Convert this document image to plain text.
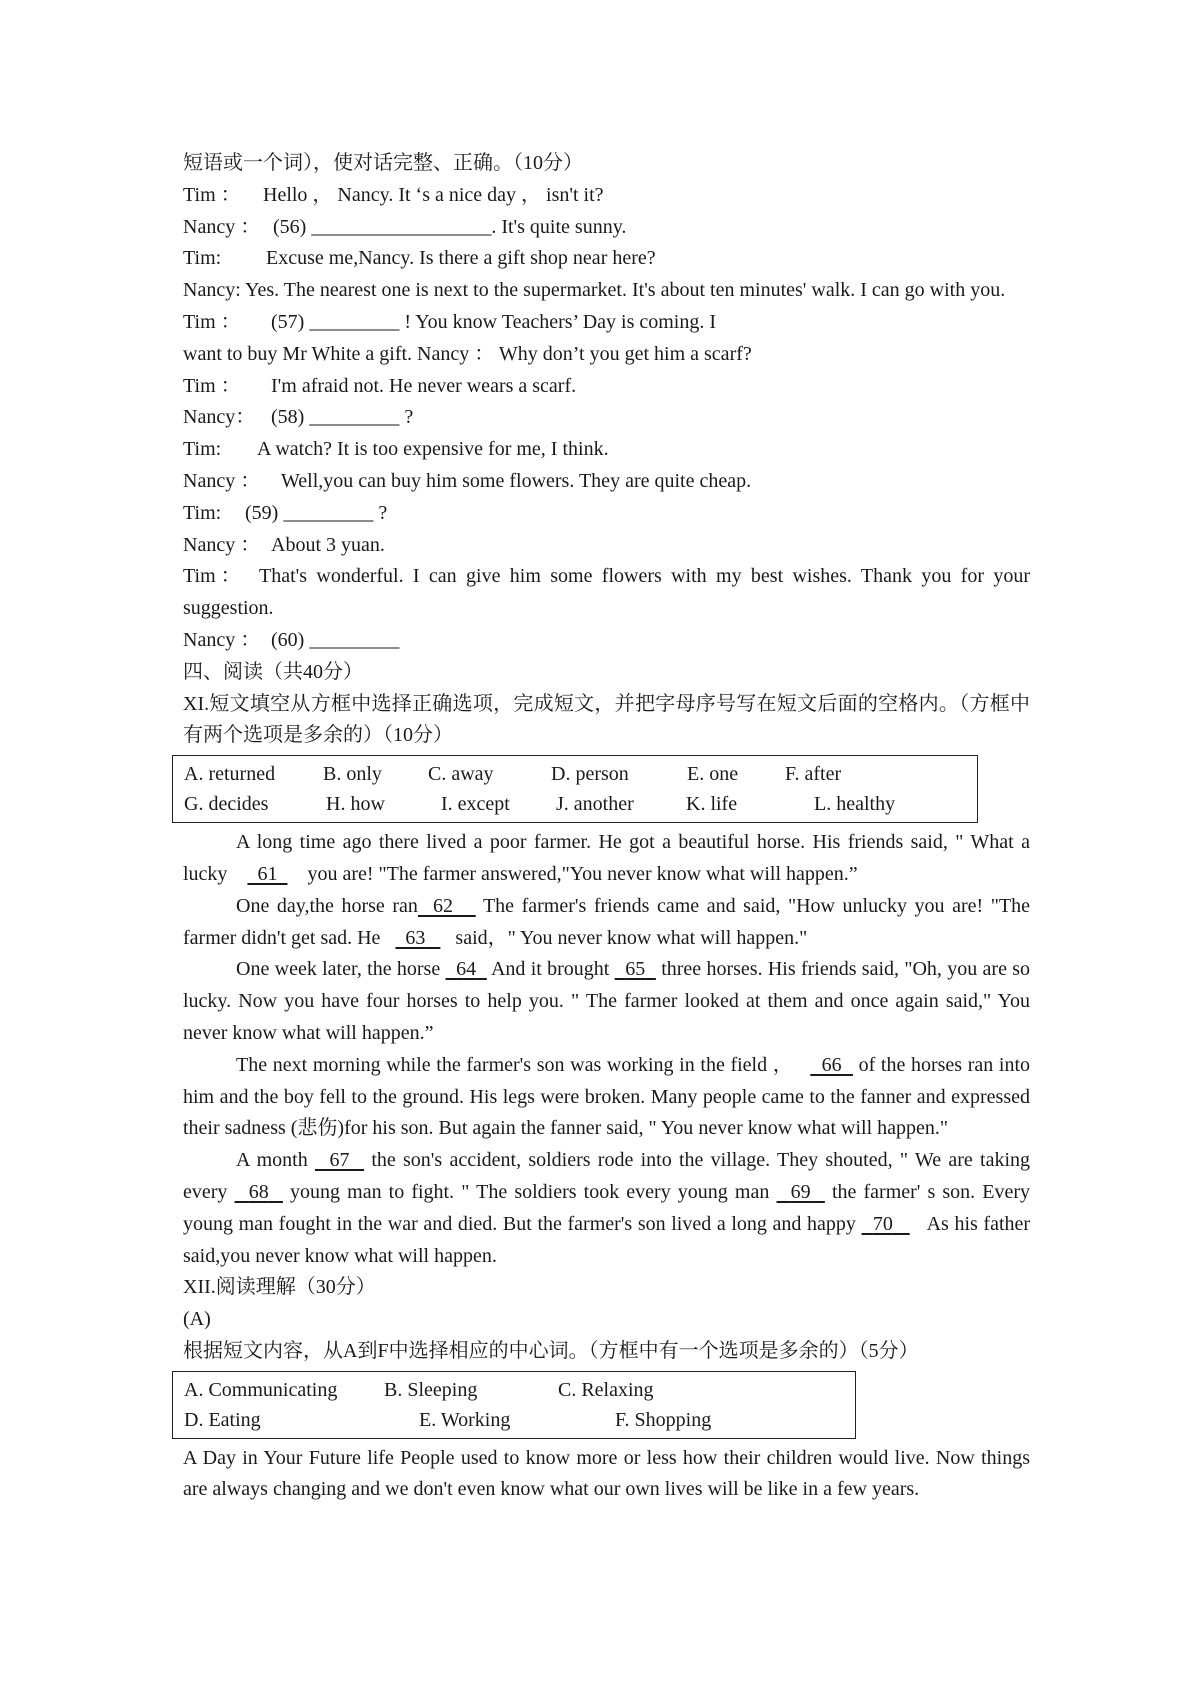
短语或一个词），使对话完整、正确。（10分）
Tim ： Hello ， Nancy. It ‘s a nice day ， isn't it?
Nancy ： (56) __________________. It's quite sunny.
Tim: Excuse me,Nancy. Is there a gift shop near here?
Nancy: Yes. The nearest one is next to the supermarket. It's about ten minutes' walk. I can go with you.
Tim ： (57) _________ ! You know Teachers’ Day is coming. I
want to buy Mr White a gift. Nancy ： Why don’t you get him a scarf?
Tim ： I'm afraid not. He never wears a scarf.
Nancy： (58) _________ ?
Tim: A watch? It is too expensive for me, I think.
Nancy ： Well,you can buy him some flowers. They are quite cheap.
Tim: (59) _________ ?
Nancy ： About 3 yuan.
Tim ： That's wonderful. I can give him some flowers with my best wishes. Thank you for your suggestion.
Nancy ： (60) _________
四、阅读（共40分）
XI.短文填空从方框中选择正确选项，完成短文，并把字母序号写在短文后面的空格内。（方框中有两个选项是多余的）（10分）
A. returned	B. only	C. away	D. person	E. one	F. after
G. decides	H. how	I. except	J. another	K. life	L. healthy
A long time ago there lived a poor farmer. He got a beautiful horse. His friends said, " What a lucky 61 you are! "The farmer answered,"You never know what will happen.”
One day,the horse ran 62 The farmer's friends came and said, "How unlucky you are! "The farmer didn't get sad. He 63 said，" You never know what will happen."
One week later, the horse 64 And it brought 65 three horses. His friends said, "Oh, you are so lucky. Now you have four horses to help you. " The farmer looked at them and once again said," You never know what will happen.”
The next morning while the farmer's son was working in the field ， 66 of the horses ran into him and the boy fell to the ground. His legs were broken. Many people came to the fanner and expressed their sadness (悲伤)for his son. But again the fanner said, " You never know what will happen."
A month 67 the son's accident, soldiers rode into the village. They shouted, " We are taking every 68 young man to fight. " The soldiers took every young man 69 the farmer' s son. Every young man fought in the war and died. But the farmer's son lived a long and happy 70 As his father said,you never know what will happen.
XII.阅读理解（30分）
(A)
根据短文内容，从A到F中选择相应的中心词。（方框中有一个选项是多余的）（5分）
A. Communicating	B. Sleeping	C. Relaxing
D. Eating	E. Working	F. Shopping
A Day in Your Future life People used to know more or less how their children would live. Now things are always changing and we don't even know what our own lives will be like in a few years.
